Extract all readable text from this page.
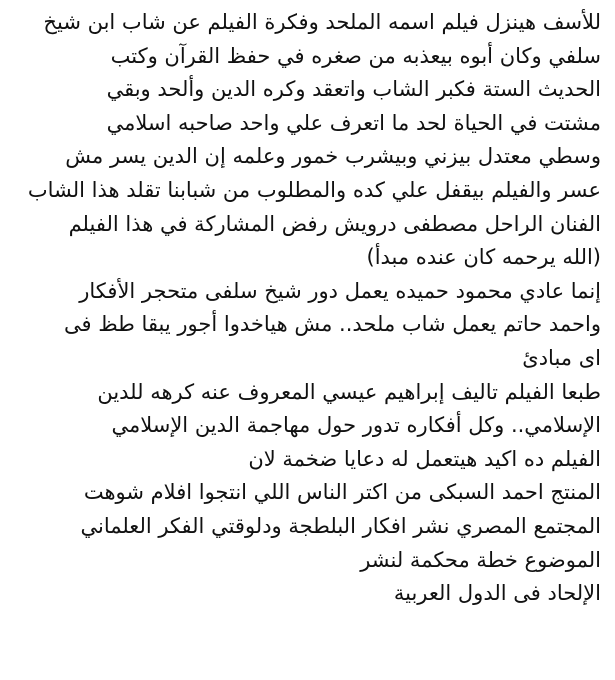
للأسف هينزل فيلم اسمه الملحد وفكرة الفيلم عن شاب ابن شيخ
سلفي وكان أبوه بيعذبه من صغره في حفظ القرآن وكتب
الحديث الستة فكبر الشاب واتعقد وكره الدين وألحد وبقي
مشتت في الحياة لحد ما اتعرف علي واحد صاحبه اسلامي
وسطي معتدل بيزني وبيشرب خمور وعلمه إن الدين يسر مش
عسر والفيلم بيقفل علي كده والمطلوب من شبابنا تقلد هذا الشاب
الفنان الراحل مصطفى درويش رفض المشاركة في هذا الفيلم
(الله يرحمه كان عنده مبدأ)
إنما عادي محمود حميده يعمل دور شيخ سلفى متحجر الأفكار
واحمد حاتم يعمل شاب ملحد.. مش هياخدوا أجور يبقا طظ فى
اى مبادئ
طبعا الفيلم تاليف إبراهيم عيسي المعروف عنه كرهه للدين
الإسلامي.. وكل أفكاره تدور حول مهاجمة الدين الإسلامي
الفيلم ده اكيد هيتعمل له دعايا ضخمة لان
المنتج احمد السبكى من اكتر الناس اللي انتجوا افلام شوهت
المجتمع المصري نشر افكار البلطجة ودلوقتي الفكر العلماني
الموضوع خطة محكمة لنشر
الإلحاد فى الدول العربية
